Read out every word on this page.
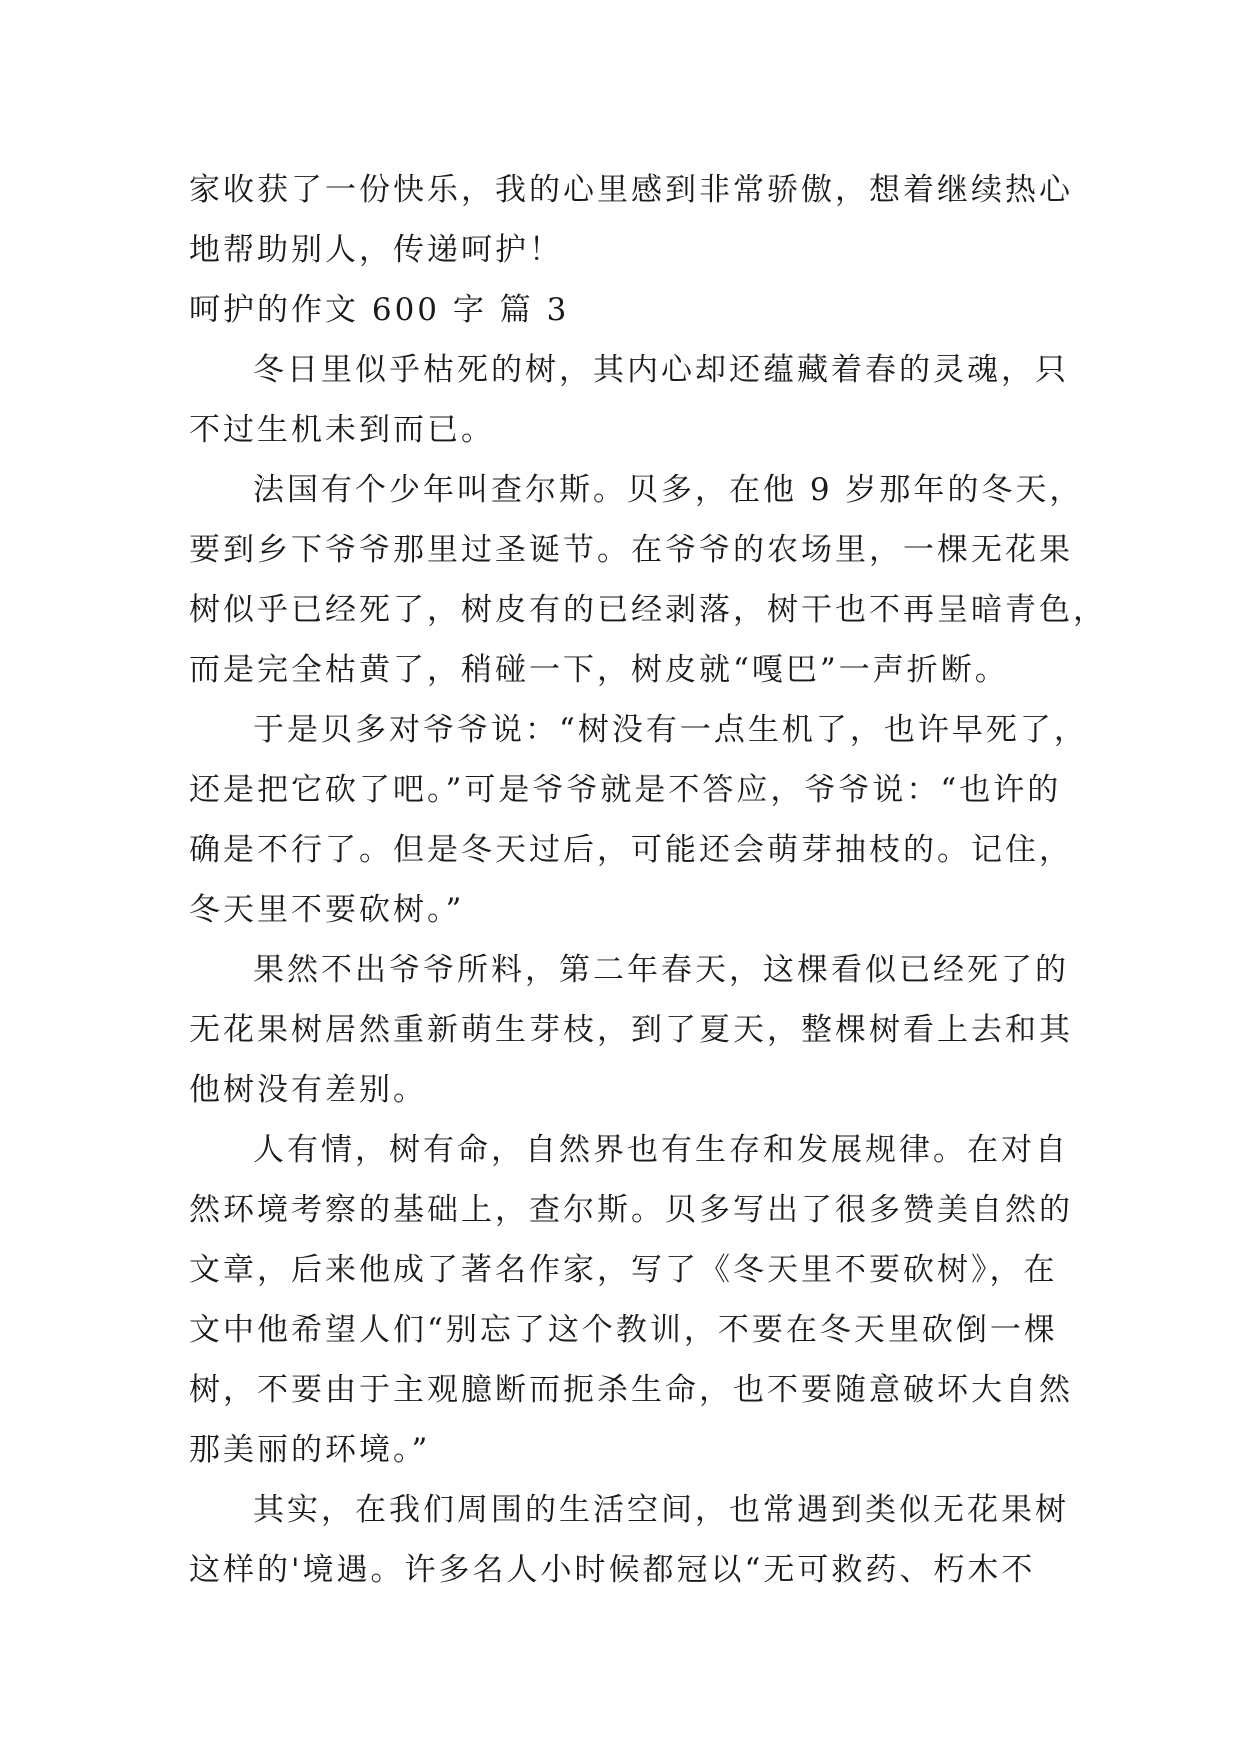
家收获了一份快乐，我的心里感到非常骄傲，想着继续热心
地帮助别人，传递呵护！
呵护的作文 600 字 篇 3
冬日里似乎枯死的树，其内心却还蕴藏着春的灵魂，只
不过生机未到而已。
法国有个少年叫查尔斯。贝多，在他 9 岁那年的冬天，
要到乡下爷爷那里过圣诞节。在爷爷的农场里，一棵无花果
树似乎已经死了，树皮有的已经剥落，树干也不再呈暗青色，
而是完全枯黄了，稍碰一下，树皮就“嘎巴”一声折断。
于是贝多对爷爷说：“树没有一点生机了，也许早死了，
还是把它砍了吧。”可是爷爷就是不答应，爷爷说：“也许的
确是不行了。但是冬天过后，可能还会萌芽抽枝的。记住，
冬天里不要砍树。”
果然不出爷爷所料，第二年春天，这棵看似已经死了的
无花果树居然重新萌生芽枝，到了夏天，整棵树看上去和其
他树没有差别。
人有情，树有命，自然界也有生存和发展规律。在对自
然环境考察的基础上，查尔斯。贝多写出了很多赞美自然的
文章，后来他成了著名作家，写了《冬天里不要砍树》，在
文中他希望人们“别忘了这个教训，不要在冬天里砍倒一棵
树，不要由于主观臆断而扼杀生命，也不要随意破坏大自然
那美丽的环境。”
其实，在我们周围的生活空间，也常遇到类似无花果树
这样的'境遇。许多名人小时候都冠以“无可救药、朽木不
